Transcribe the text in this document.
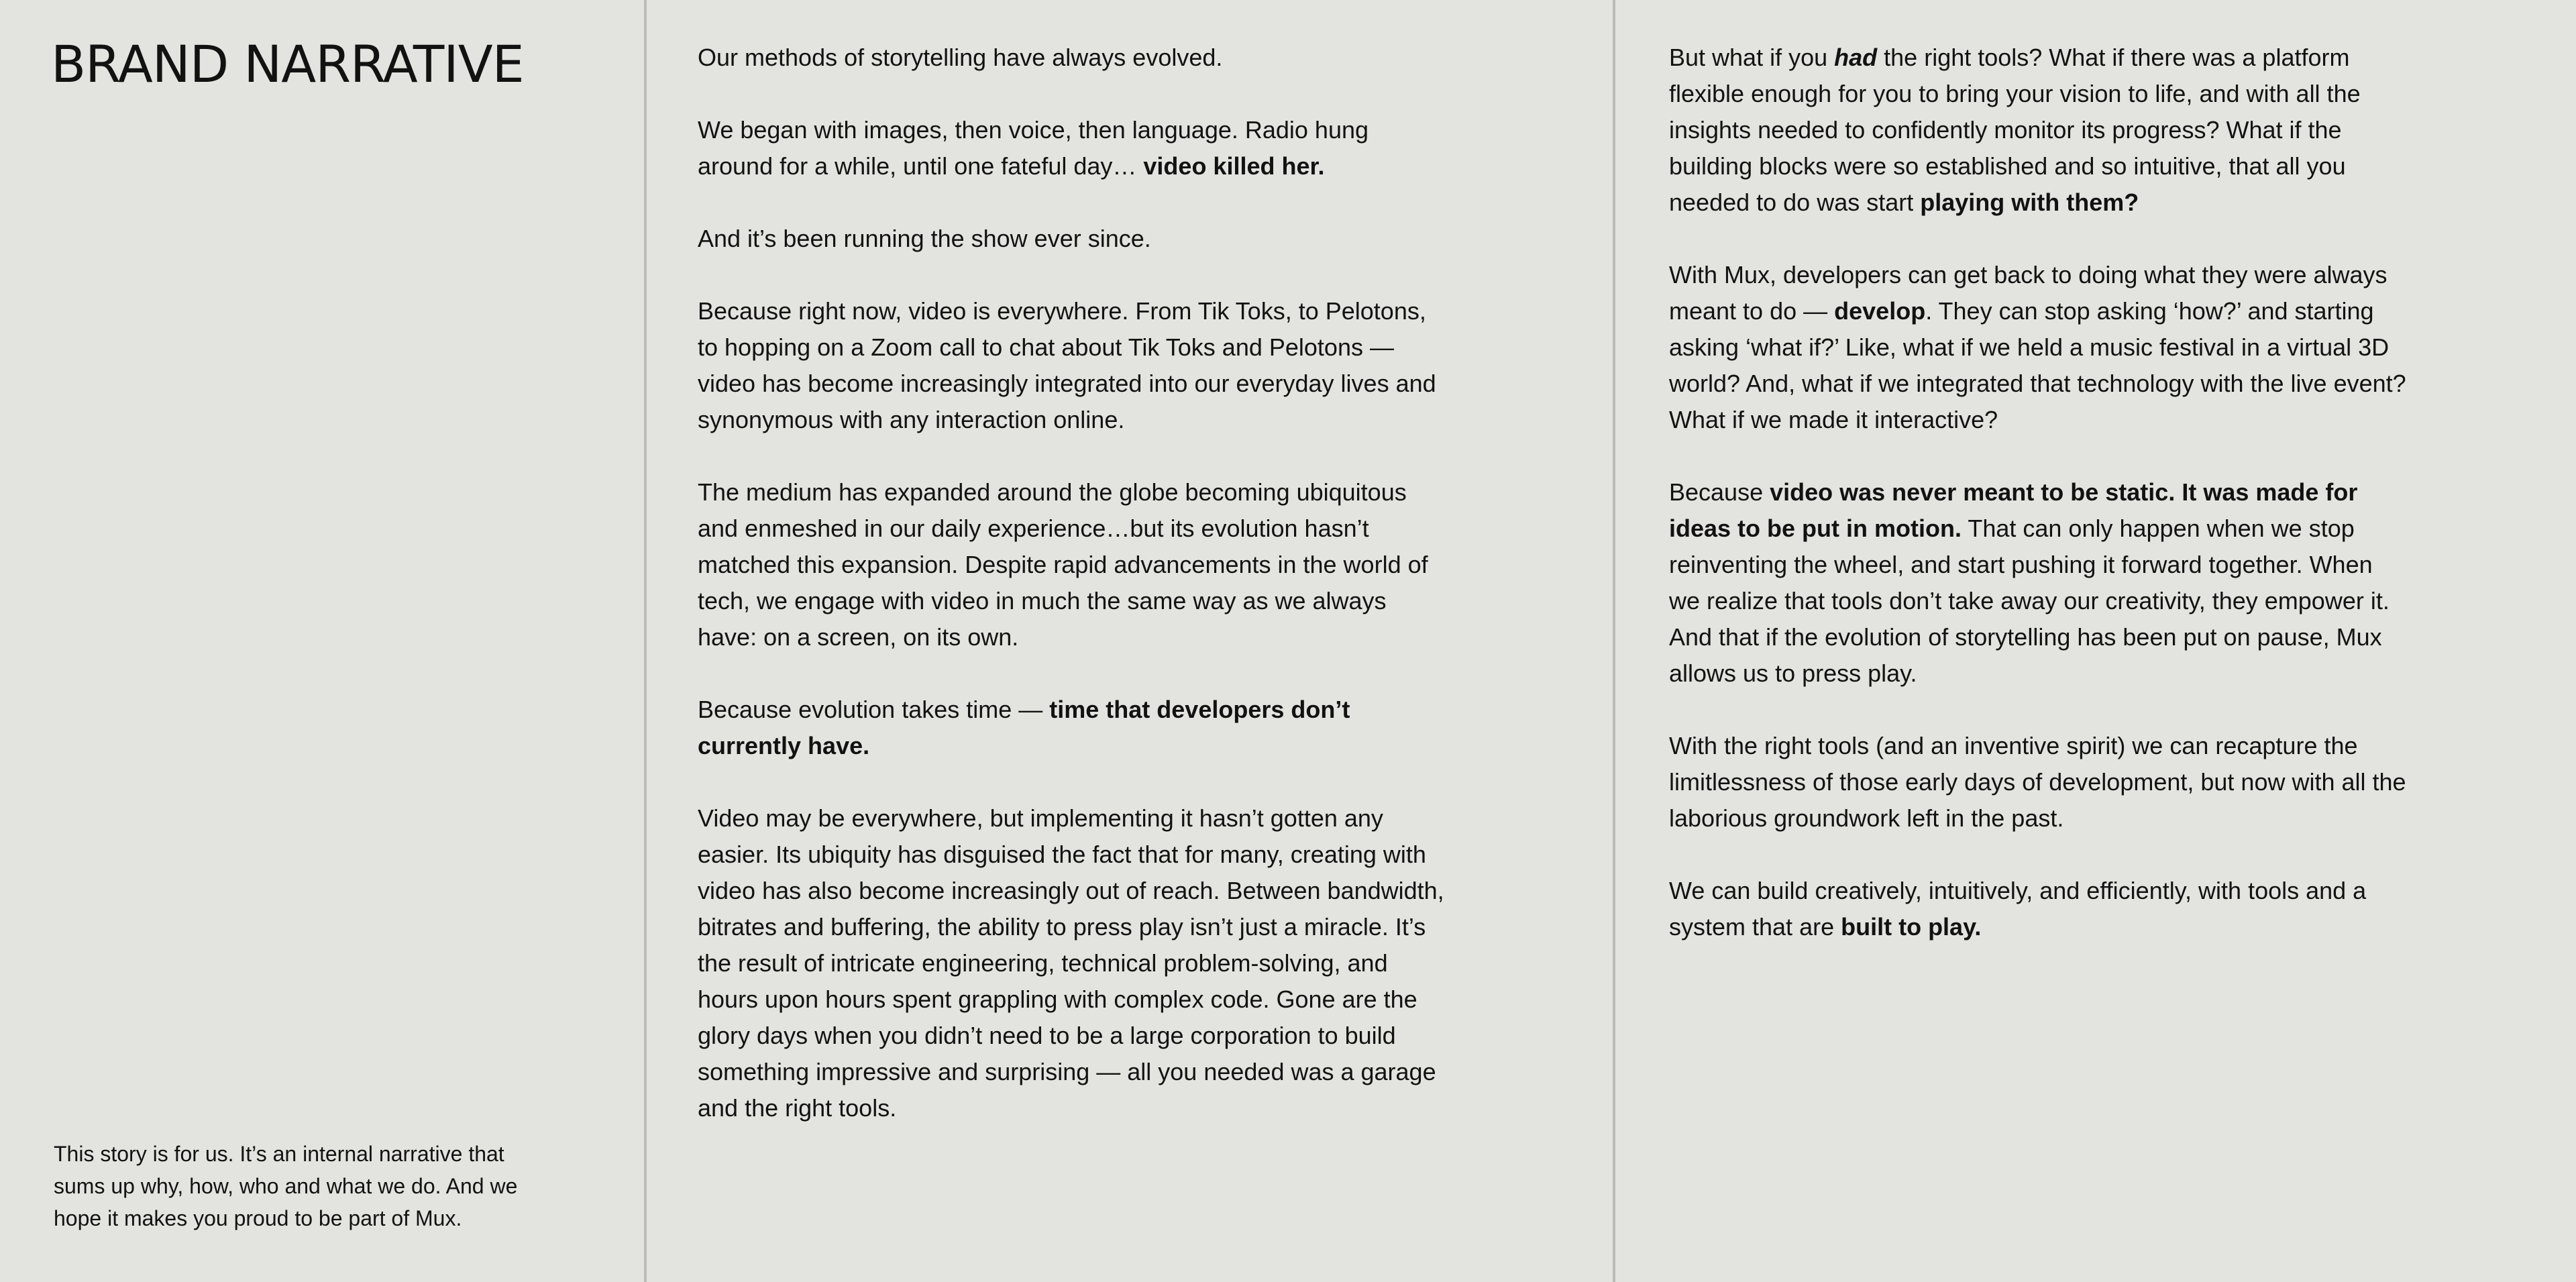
BRAND NARRATIVE

This story is for us. It’s an internal narrative that sums up why, how, who and what we do. And we hope it makes you proud to be part of Mux.

Our methods of storytelling have always evolved.

We began with images, then voice, then language. Radio hung around for a while, until one fateful day… video killed her.

And it’s been running the show ever since.

Because right now, video is everywhere. From Tik Toks, to Pelotons, to hopping on a Zoom call to chat about Tik Toks and Pelotons — video has become increasingly integrated into our everyday lives and synonymous with any interaction online.

The medium has expanded around the globe becoming ubiquitous and enmeshed in our daily experience…but its evolution hasn’t matched this expansion. Despite rapid advancements in the world of tech, we engage with video in much the same way as we always have: on a screen, on its own.

Because evolution takes time — time that developers don’t currently have.

Video may be everywhere, but implementing it hasn’t gotten any easier. Its ubiquity has disguised the fact that for many, creating with video has also become increasingly out of reach. Between bandwidth, bitrates and buffering, the ability to press play isn’t just a miracle. It’s the result of intricate engineering, technical problem-solving, and hours upon hours spent grappling with complex code. Gone are the glory days when you didn’t need to be a large corporation to build something impressive and surprising — all you needed was a garage and the right tools.

But what if you had the right tools? What if there was a platform flexible enough for you to bring your vision to life, and with all the insights needed to confidently monitor its progress? What if the building blocks were so established and so intuitive, that all you needed to do was start playing with them?

With Mux, developers can get back to doing what they were always meant to do — develop. They can stop asking ‘how?’ and starting asking ‘what if?’ Like, what if we held a music festival in a virtual 3D world? And, what if we integrated that technology with the live event? What if we made it interactive?

Because video was never meant to be static. It was made for ideas to be put in motion. That can only happen when we stop reinventing the wheel, and start pushing it forward together. When we realize that tools don’t take away our creativity, they empower it. And that if the evolution of storytelling has been put on pause, Mux allows us to press play.

With the right tools (and an inventive spirit) we can recapture the limitlessness of those early days of development, but now with all the laborious groundwork left in the past.

We can build creatively, intuitively, and efficiently, with tools and a system that are built to play.
